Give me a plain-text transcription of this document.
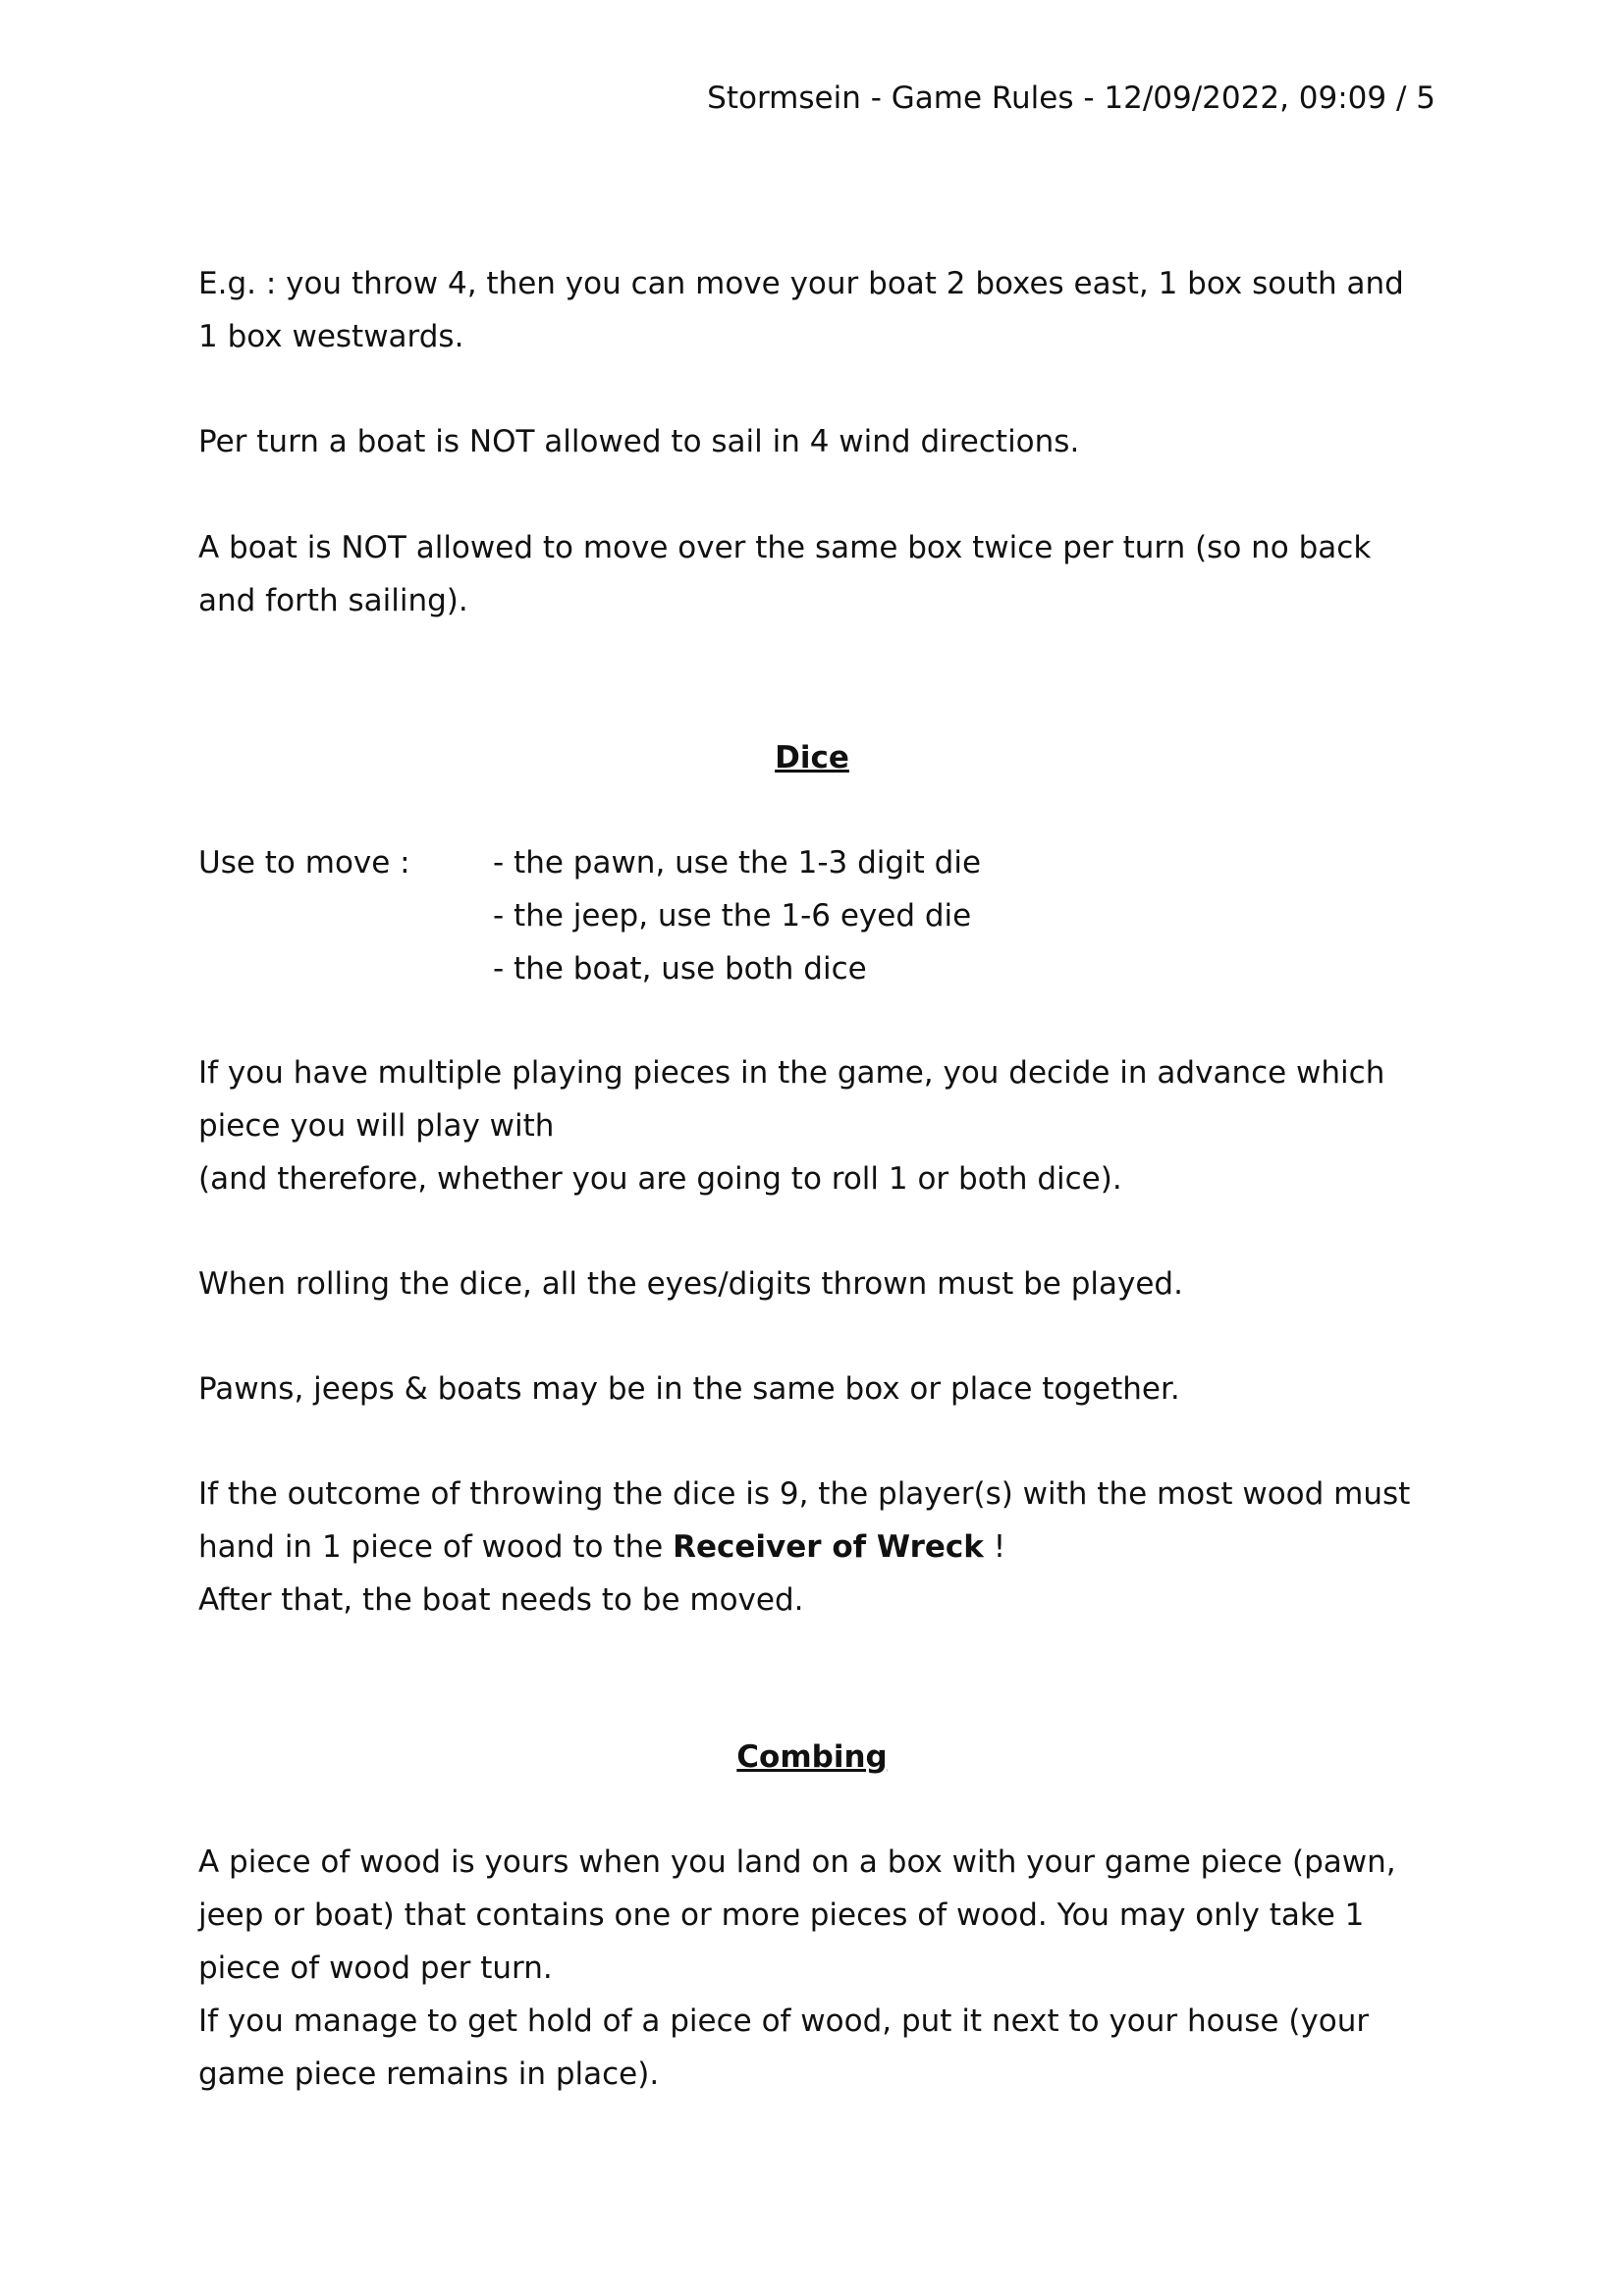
Stormsein - Game Rules - 12/09/2022, 09:09 / 5

E.g. : you throw 4, then you can move your boat 2 boxes east, 1 box south and 1 box westwards.

Per turn a boat is NOT allowed to sail in 4 wind directions.

A boat is NOT allowed to move over the same box twice per turn (so no back and forth sailing).

Dice

Use to move :	- the pawn, use the 1-3 digit die
- the jeep, use the 1-6 eyed die
- the boat, use both dice

If you have multiple playing pieces in the game, you decide in advance which piece you will play with
(and therefore, whether you are going to roll 1 or both dice).

When rolling the dice, all the eyes/digits thrown must be played.

Pawns, jeeps & boats may be in the same box or place together.

If the outcome of throwing the dice is 9, the player(s) with the most wood must hand in 1 piece of wood to the Receiver of Wreck !
After that, the boat needs to be moved.

Combing

A piece of wood is yours when you land on a box with your game piece (pawn, jeep or boat) that contains one or more pieces of wood. You may only take 1 piece of wood per turn.
If you manage to get hold of a piece of wood, put it next to your house (your game piece remains in place).
